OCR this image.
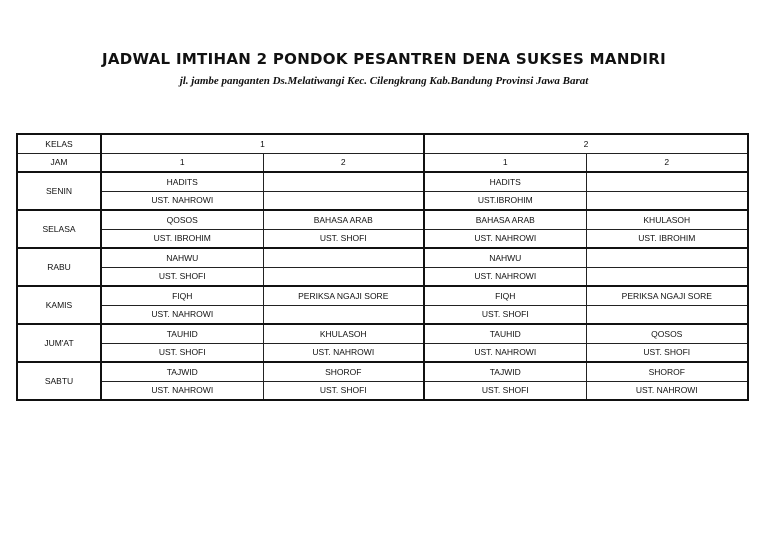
JADWAL IMTIHAN 2 PONDOK PESANTREN DENA SUKSES MANDIRI
jl. jambe panganten Ds.Melatiwangi Kec. Cilengkrang Kab.Bandung Provinsi Jawa Barat
KELAS	1		2	
JAM	1	2	1	2
SENIN	HADITS		HADITS	
	UST. NAHROWI		UST.IBROHIM	
SELASA	QOSOS	BAHASA ARAB	BAHASA ARAB	KHULASOH
	UST. IBROHIM	UST. SHOFI	UST. NAHROWI	UST. IBROHIM
RABU	NAHWU		NAHWU	
	UST. SHOFI		UST. NAHROWI	
KAMIS	FIQH	PERIKSA NGAJI SORE	FIQH	PERIKSA NGAJI SORE
	UST. NAHROWI		UST. SHOFI	
JUM'AT	TAUHID	KHULASOH	TAUHID	QOSOS
	UST. SHOFI	UST. NAHROWI	UST. NAHROWI	UST. SHOFI
SABTU	TAJWID	SHOROF	TAJWID	SHOROF
	UST. NAHROWI	UST. SHOFI	UST. SHOFI	UST. NAHROWI
